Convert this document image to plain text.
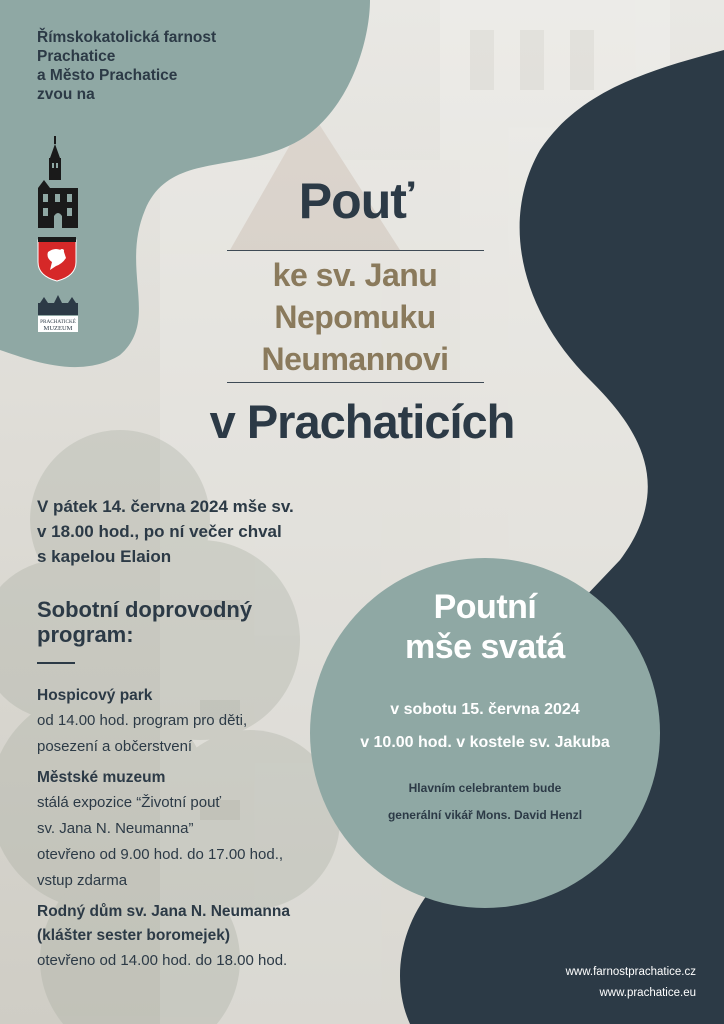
Římskokatolická farnost
Prachatice
a Město Prachatice
zvou na
PRACHATICKÉ
MUZEUM
Pouť
ke sv. Janu
Nepomuku
Neumannovi
v Prachaticích
V pátek 14. června 2024 mše sv.
v 18.00 hod., po ní večer chval
s kapelou Elaion
Sobotní doprovodný
program:
Hospicový park
od 14.00 hod. program pro děti,
posezení a občerstvení
Městské muzeum
stálá expozice “Životní pouť
sv. Jana N. Neumanna”
otevřeno od 9.00 hod. do 17.00 hod.,
vstup zdarma
Rodný dům sv. Jana N. Neumanna
(klášter sester boromejek)
otevřeno od 14.00 hod. do 18.00 hod.
Poutní
mše svatá
v sobotu 15. června 2024
v 10.00 hod. v kostele sv. Jakuba
Hlavním celebrantem bude
generální vikář Mons. David Henzl
www.farnostprachatice.cz
www.prachatice.eu
